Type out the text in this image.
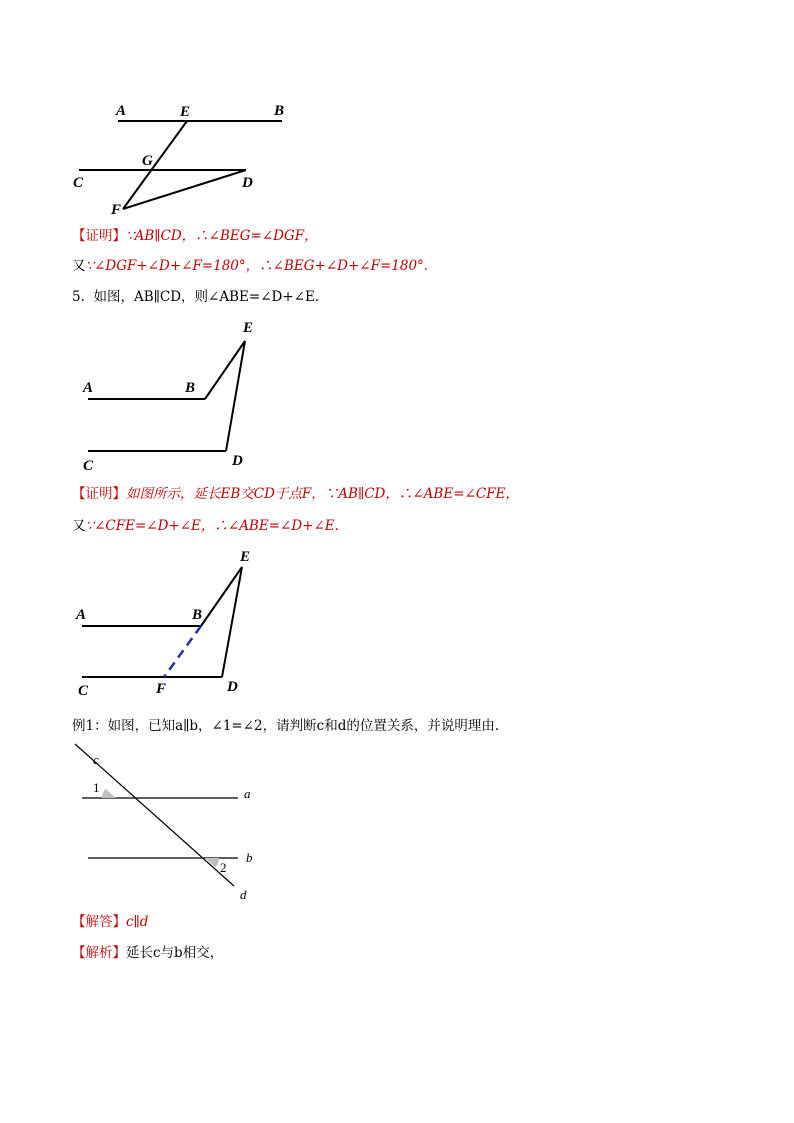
A	E	B
G
C	D
F
【证明】∵AB∥CD，∴∠BEG=∠DGF，
又∵∠DGF+∠D+∠F=180°，∴∠BEG+∠D+∠F=180°.
5. 如图，AB∥CD，则∠ABE=∠D+∠E.
A	B
E
C	D
【证明】如图所示，延长EB交CD于点F，∵AB∥CD，∴∠ABE=∠CFE，
又∵∠CFE=∠D+∠E，∴∠ABE=∠D+∠E.
A	B
E
C	F	D
例1：如图，已知a∥b，∠1=∠2，请判断c和d的位置关系，并说明理由.
c
1	a
b
2
d
【解答】c∥d
【解析】延长c与b相交，
